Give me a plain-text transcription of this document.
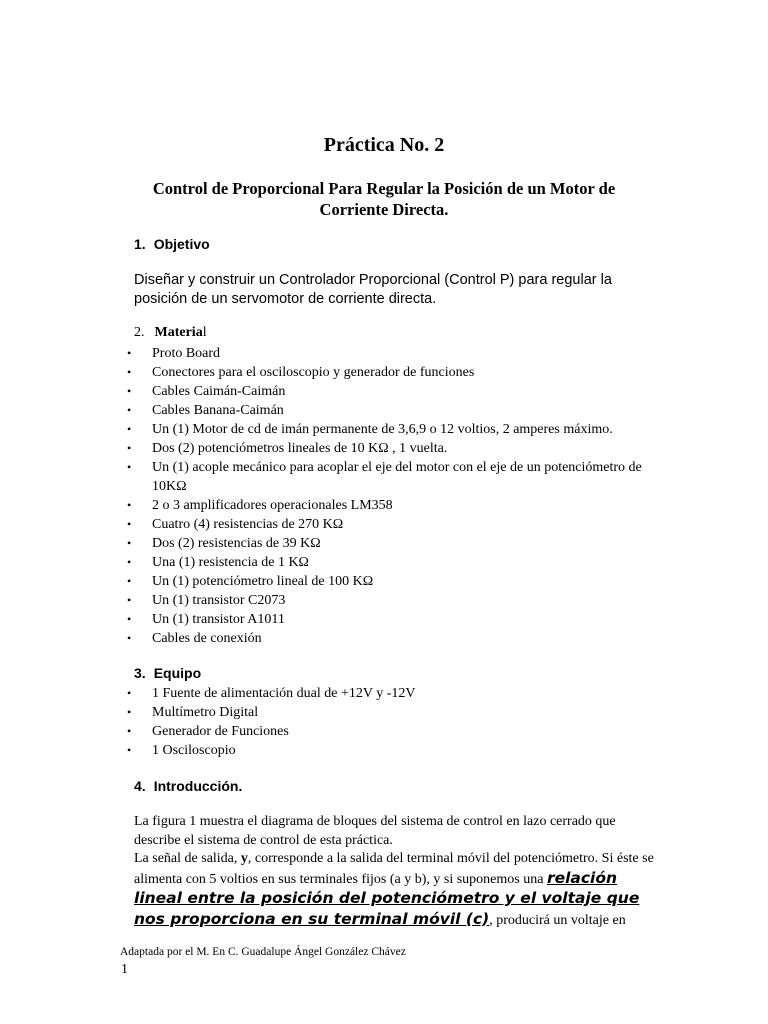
Práctica No. 2
Control de Proporcional Para Regular la Posición de un Motor de Corriente Directa.
1. Objetivo
Diseñar y construir un Controlador Proporcional (Control P) para regular la posición de un servomotor de corriente directa.
2. Material
• Proto Board
• Conectores para el osciloscopio y generador de funciones
• Cables Caimán-Caimán
• Cables Banana-Caimán
• Un (1) Motor de cd de imán permanente de 3,6,9 o 12 voltios, 2 amperes máximo.
• Dos (2) potenciómetros lineales de 10 KΩ , 1 vuelta.
• Un (1) acople mecánico para acoplar el eje del motor con el eje de un potenciómetro de 10KΩ
• 2 o 3 amplificadores operacionales LM358
• Cuatro (4) resistencias de 270 KΩ
• Dos (2) resistencias de 39 KΩ
• Una (1) resistencia de 1 KΩ
• Un (1) potenciómetro lineal de 100 KΩ
• Un (1) transistor C2073
• Un (1) transistor A1011
• Cables de conexión
3. Equipo
• 1 Fuente de alimentación dual de +12V y -12V
• Multímetro Digital
• Generador de Funciones
• 1 Osciloscopio
4. Introducción.
La figura 1 muestra el diagrama de bloques del sistema de control en lazo cerrado que describe el sistema de control de esta práctica.
La señal de salida, y, corresponde a la salida del terminal móvil del potenciómetro. Si éste se alimenta con 5 voltios en sus terminales fijos (a y b), y si suponemos una relación lineal entre la posición del potenciómetro y el voltaje que nos proporciona en su terminal móvil (c), producirá un voltaje en
Adaptada por el M. En C. Guadalupe Ángel González Chávez
1
